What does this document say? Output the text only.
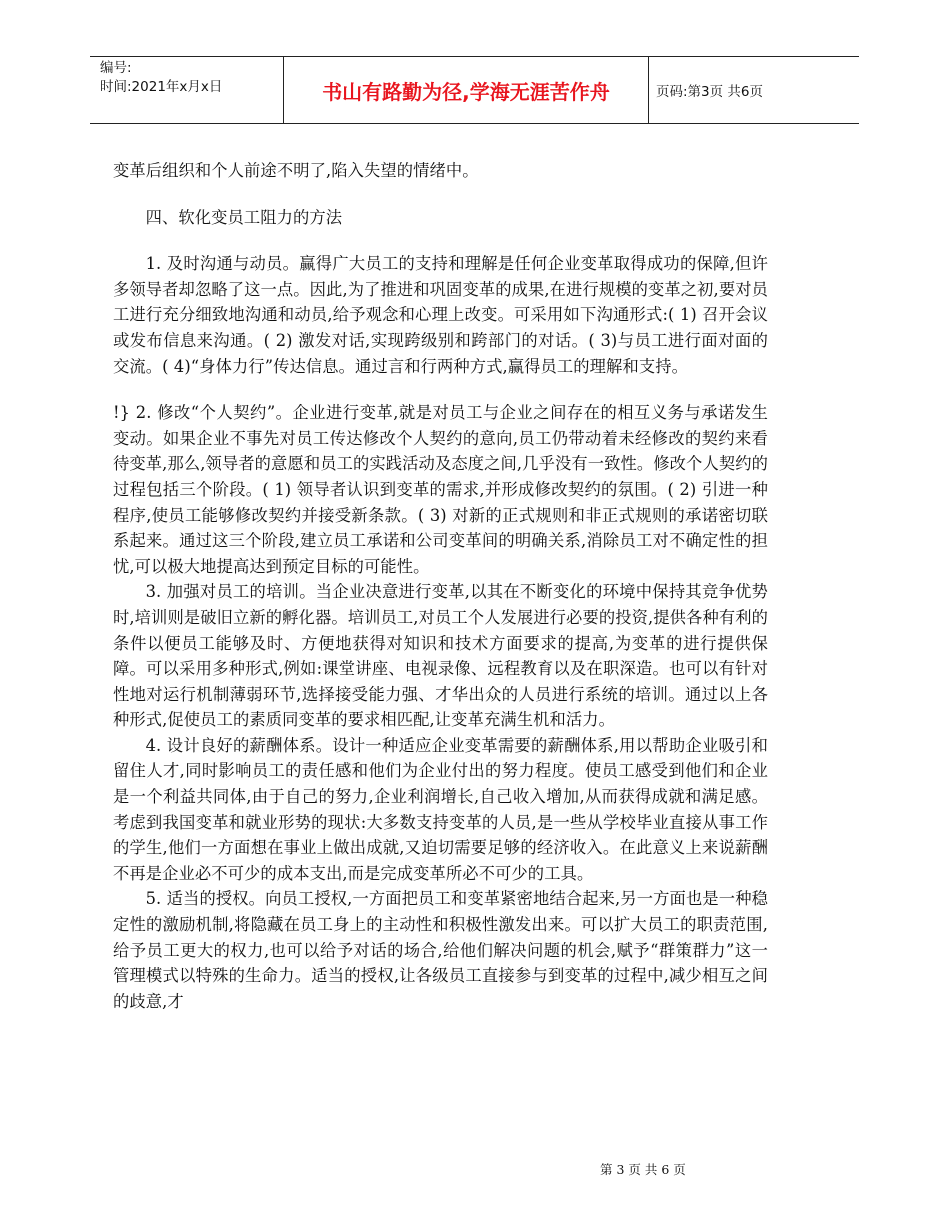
编号:
时间:2021年x月x日	书山有路勤为径,学海无涯苦作舟	页码:第3页 共6页

变革后组织和个人前途不明了,陷入失望的情绪中。

四、软化变员工阻力的方法

1. 及时沟通与动员。赢得广大员工的支持和理解是任何企业变革取得成功的保障,但许多领导者却忽略了这一点。因此,为了推进和巩固变革的成果,在进行规模的变革之初,要对员工进行充分细致地沟通和动员,给予观念和心理上改变。可采用如下沟通形式:( 1) 召开会议或发布信息来沟通。( 2) 激发对话,实现跨级别和跨部门的对话。( 3)与员工进行面对面的交流。( 4)“身体力行”传达信息。通过言和行两种方式,赢得员工的理解和支持。

!} 2. 修改“个人契约”。企业进行变革,就是对员工与企业之间存在的相互义务与承诺发生变动。如果企业不事先对员工传达修改个人契约的意向,员工仍带动着未经修改的契约来看待变革,那么,领导者的意愿和员工的实践活动及态度之间,几乎没有一致性。修改个人契约的过程包括三个阶段。( 1) 领导者认识到变革的需求,并形成修改契约的氛围。( 2) 引进一种程序,使员工能够修改契约并接受新条款。( 3) 对新的正式规则和非正式规则的承诺密切联系起来。通过这三个阶段,建立员工承诺和公司变革间的明确关系,消除员工对不确定性的担忧,可以极大地提高达到预定目标的可能性。

3. 加强对员工的培训。当企业决意进行变革,以其在不断变化的环境中保持其竞争优势时,培训则是破旧立新的孵化器。培训员工,对员工个人发展进行必要的投资,提供各种有利的条件以便员工能够及时、方便地获得对知识和技术方面要求的提高,为变革的进行提供保障。可以采用多种形式,例如:课堂讲座、电视录像、远程教育以及在职深造。也可以有针对性地对运行机制薄弱环节,选择接受能力强、才华出众的人员进行系统的培训。通过以上各种形式,促使员工的素质同变革的要求相匹配,让变革充满生机和活力。

4. 设计良好的薪酬体系。设计一种适应企业变革需要的薪酬体系,用以帮助企业吸引和留住人才,同时影响员工的责任感和他们为企业付出的努力程度。使员工感受到他们和企业是一个利益共同体,由于自己的努力,企业利润增长,自己收入增加,从而获得成就和满足感。考虑到我国变革和就业形势的现状:大多数支持变革的人员,是一些从学校毕业直接从事工作的学生,他们一方面想在事业上做出成就,又迫切需要足够的经济收入。在此意义上来说薪酬不再是企业必不可少的成本支出,而是完成变革所必不可少的工具。

5. 适当的授权。向员工授权,一方面把员工和变革紧密地结合起来,另一方面也是一种稳定性的激励机制,将隐藏在员工身上的主动性和积极性激发出来。可以扩大员工的职责范围,给予员工更大的权力,也可以给予对话的场合,给他们解决问题的机会,赋予“群策群力”这一管理模式以特殊的生命力。适当的授权,让各级员工直接参与到变革的过程中,减少相互之间的歧意,才

第 3 页 共 6 页
